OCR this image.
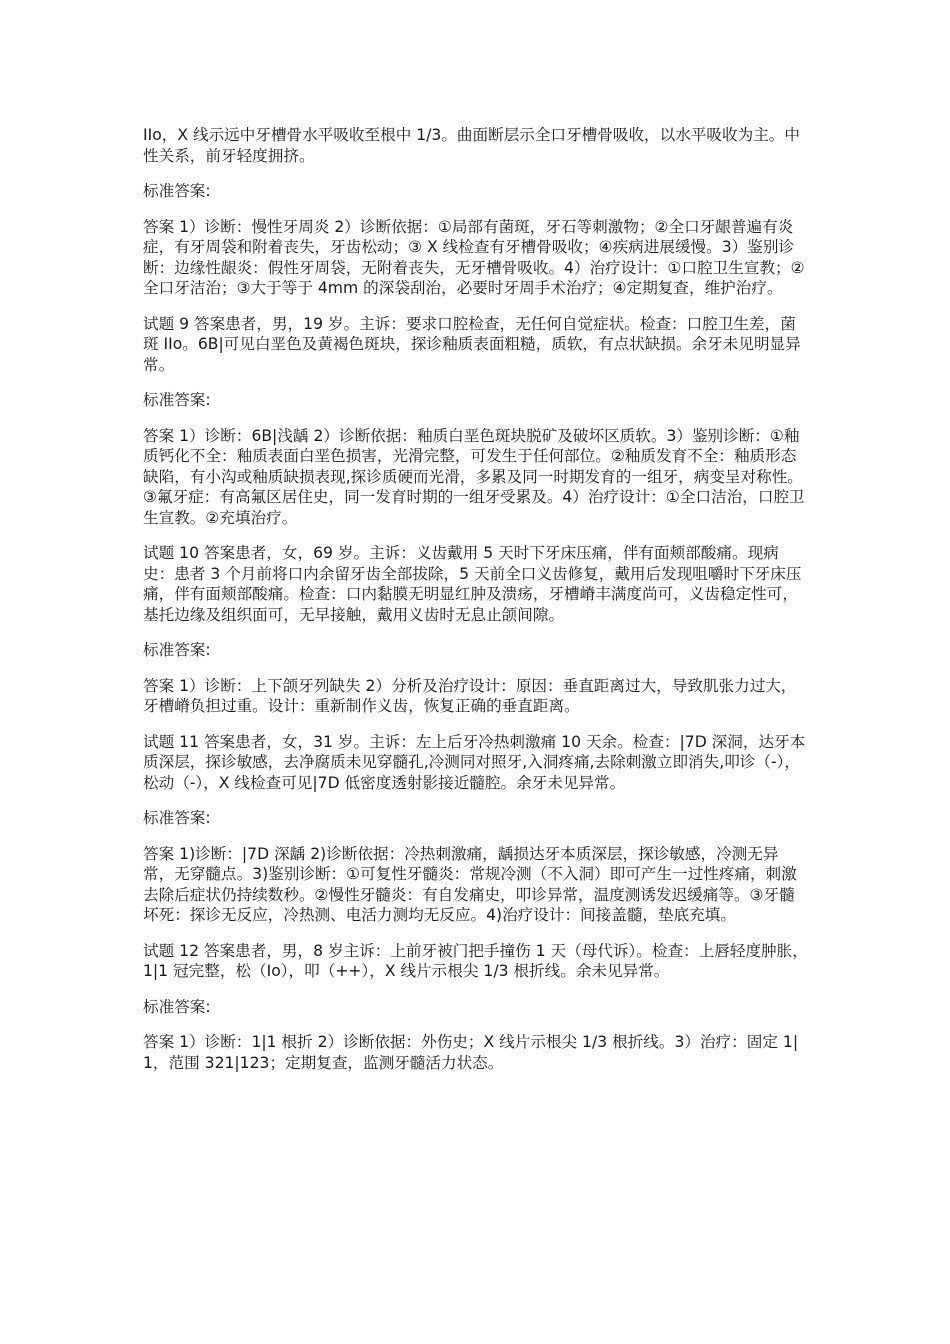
IIo，X 线示远中牙槽骨水平吸收至根中 1/3。曲面断层示全口牙槽骨吸收，以水平吸收为主。中性关系，前牙轻度拥挤。

标准答案:

答案 1）诊断：慢性牙周炎 2）诊断依据：①局部有菌斑，牙石等刺激物；②全口牙龈普遍有炎症，有牙周袋和附着丧失，牙齿松动；③ X 线检查有牙槽骨吸收；④疾病进展缓慢。3）鉴别诊断：边缘性龈炎：假性牙周袋，无附着丧失，无牙槽骨吸收。4）治疗设计：①口腔卫生宣教；②全口牙洁治；③大于等于 4mm 的深袋刮治，必要时牙周手术治疗；④定期复查，维护治疗。

试题 9 答案患者，男，19 岁。主诉：要求口腔检查，无任何自觉症状。检查：口腔卫生差，菌斑 IIo。6B|可见白垩色及黄褐色斑块，探诊釉质表面粗糙，质软，有点状缺损。余牙未见明显异常。

标准答案:

答案 1）诊断：6B|浅龋 2）诊断依据：釉质白垩色斑块脱矿及破坏区质软。3）鉴别诊断：①釉质钙化不全：釉质表面白垩色损害，光滑完整，可发生于任何部位。②釉质发育不全：釉质形态缺陷，有小沟或釉质缺损表现,探诊质硬而光滑，多累及同一时期发育的一组牙，病变呈对称性。③氟牙症：有高氟区居住史，同一发育时期的一组牙受累及。4）治疗设计：①全口洁治，口腔卫生宣教。②充填治疗。

试题 10 答案患者，女，69 岁。主诉：义齿戴用 5 天时下牙床压痛，伴有面颊部酸痛。现病史：患者 3 个月前将口内余留牙齿全部拔除，5 天前全口义齿修复，戴用后发现咀嚼时下牙床压痛，伴有面颊部酸痛。检查：口内黏膜无明显红肿及溃疡，牙槽嵴丰满度尚可，义齿稳定性可，基托边缘及组织面可，无早接触，戴用义齿时无息止颌间隙。

标准答案:

答案 1）诊断：上下颌牙列缺失 2）分析及治疗设计：原因：垂直距离过大，导致肌张力过大，牙槽嵴负担过重。设计：重新制作义齿，恢复正确的垂直距离。

试题 11 答案患者，女，31 岁。主诉：左上后牙冷热刺激痛 10 天余。检查：|7D 深洞，达牙本质深层，探诊敏感，去净腐质未见穿髓孔,冷测同对照牙,入洞疼痛,去除刺激立即消失,叩诊（-），松动（-），X 线检查可见|7D 低密度透射影接近髓腔。余牙未见异常。

标准答案:

答案 1)诊断：|7D 深龋 2)诊断依据：冷热刺激痛，龋损达牙本质深层，探诊敏感，冷测无异常，无穿髓点。3)鉴别诊断：①可复性牙髓炎：常规冷测（不入洞）即可产生一过性疼痛，刺激去除后症状仍持续数秒。②慢性牙髓炎：有自发痛史，叩诊异常，温度测诱发迟缓痛等。③牙髓坏死：探诊无反应，冷热测、电活力测均无反应。4)治疗设计：间接盖髓，垫底充填。

试题 12 答案患者，男，8 岁主诉：上前牙被门把手撞伤 1 天（母代诉）。检查：上唇轻度肿胀，1|1 冠完整，松（Io），叩（++），X 线片示根尖 1/3 根折线。余未见异常。

标准答案:

答案 1）诊断：1|1 根折 2）诊断依据：外伤史；X 线片示根尖 1/3 根折线。3）治疗：固定 1|1，范围 321|123；定期复查，监测牙髓活力状态。
